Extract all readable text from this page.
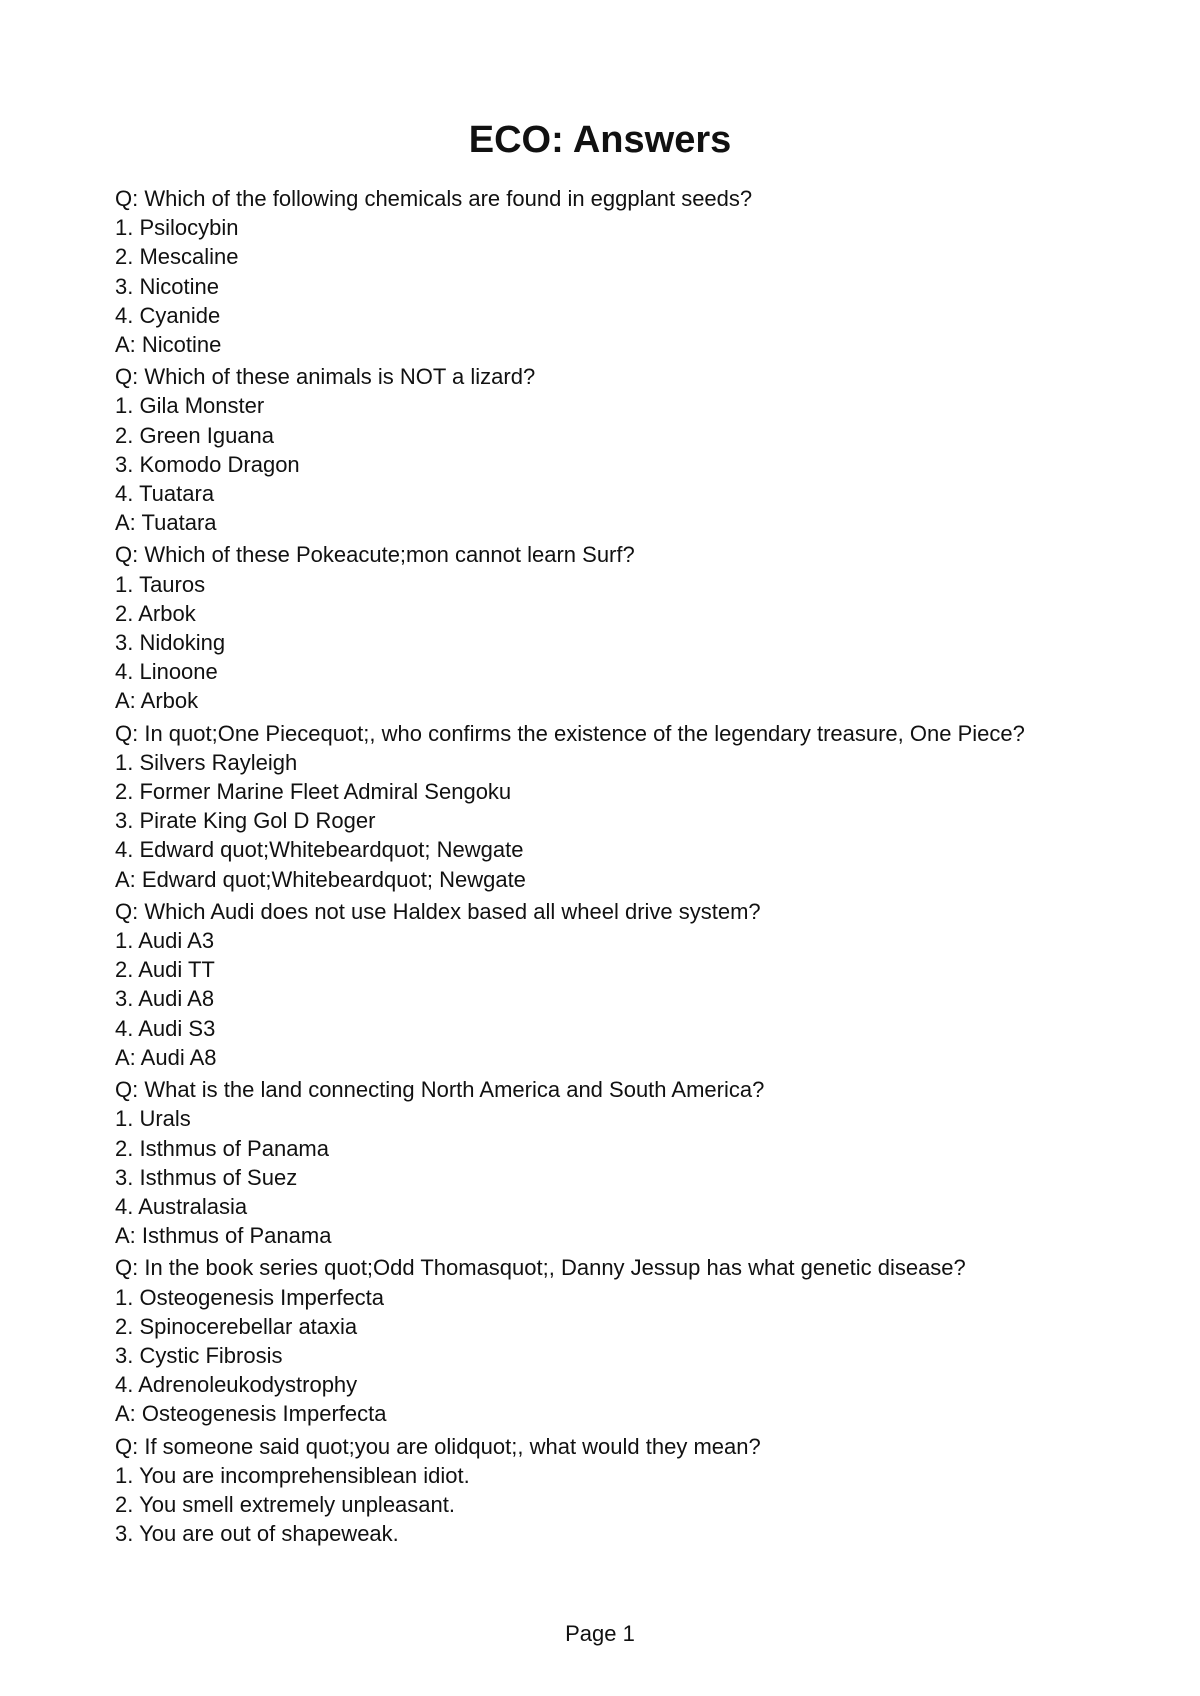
ECO: Answers
Q: Which of the following chemicals are found in eggplant seeds?
1. Psilocybin
2. Mescaline
3. Nicotine
4. Cyanide
A: Nicotine
Q: Which of these animals is NOT a lizard?
1. Gila Monster
2. Green Iguana
3. Komodo Dragon
4. Tuatara
A: Tuatara
Q: Which of these Pokeacute;mon cannot learn Surf?
1. Tauros
2. Arbok
3. Nidoking
4. Linoone
A: Arbok
Q: In quot;One Piecequot;, who confirms the existence of the legendary treasure, One Piece?
1. Silvers Rayleigh
2. Former Marine Fleet Admiral Sengoku
3. Pirate King Gol D Roger
4. Edward quot;Whitebeardquot; Newgate
A: Edward quot;Whitebeardquot; Newgate
Q: Which Audi does not use Haldex based all wheel drive system?
1. Audi A3
2. Audi TT
3. Audi A8
4. Audi S3
A: Audi A8
Q: What is the land connecting North America and South America?
1. Urals
2. Isthmus of Panama
3. Isthmus of Suez
4. Australasia
A: Isthmus of Panama
Q: In the book series quot;Odd Thomasquot;, Danny Jessup has what genetic disease?
1. Osteogenesis Imperfecta
2. Spinocerebellar ataxia
3. Cystic Fibrosis
4. Adrenoleukodystrophy
A: Osteogenesis Imperfecta
Q: If someone said quot;you are olidquot;, what would they mean?
1. You are incomprehensiblean idiot.
2. You smell extremely unpleasant.
3. You are out of shapeweak.
Page 1
